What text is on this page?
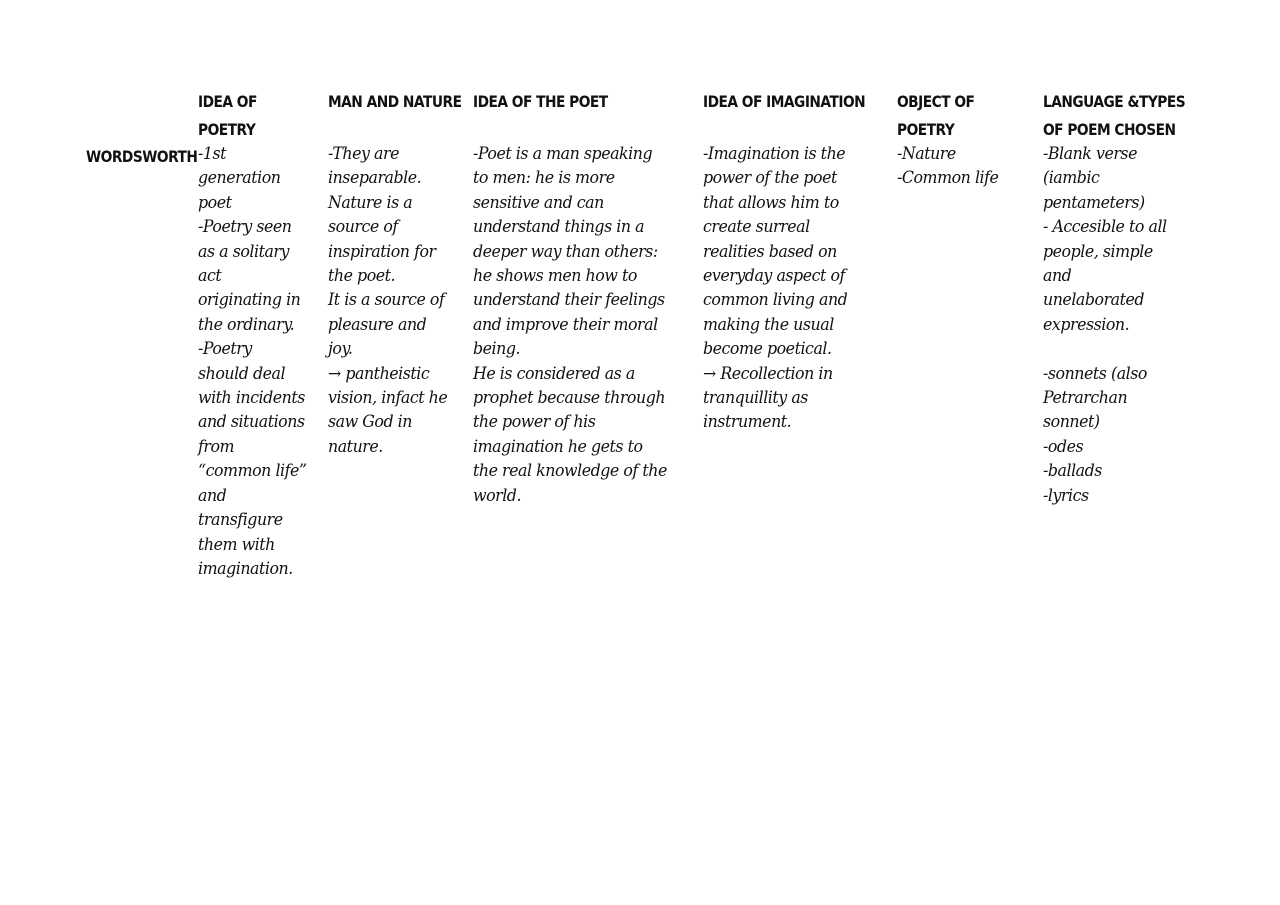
IDEA OF
POETRY
MAN AND NATURE IDEA OF THE POET	IDEA OF IMAGINATION OBJECT OF
POETRY
LANGUAGE &TYPES
OF POEM CHOSEN
WORDSWORTH -1st
generation
poet
-Poetry seen
as a solitary
act
originating in
the ordinary.
-Poetry
should deal
with incidents
and situations
from
“common life”
and
transfigure
them with
imagination.
-They are
inseparable.
Nature is a
source of
inspiration for
the poet.
It is a source of
pleasure and
joy.
→ pantheistic
vision, infact he
saw God in
nature.
-Poet is a man speaking
to men: he is more
sensitive and can
understand things in a
deeper way than others:
he shows men how to
understand their feelings
and improve their moral
being.
He is considered as a
prophet because through
the power of his
imagination he gets to
the real knowledge of the
world.
-Imagination is the
power of the poet
that allows him to
create surreal
realities based on
everyday aspect of
common living and
making the usual
become poetical.
→ Recollection in
tranquillity as
instrument.
-Nature
-Common life
-Blank verse
(iambic
pentameters)
- Accesible to all
people, simple
and
unelaborated
expression.

-sonnets (also
Petrarchan
sonnet)
-odes
-ballads
-lyrics
